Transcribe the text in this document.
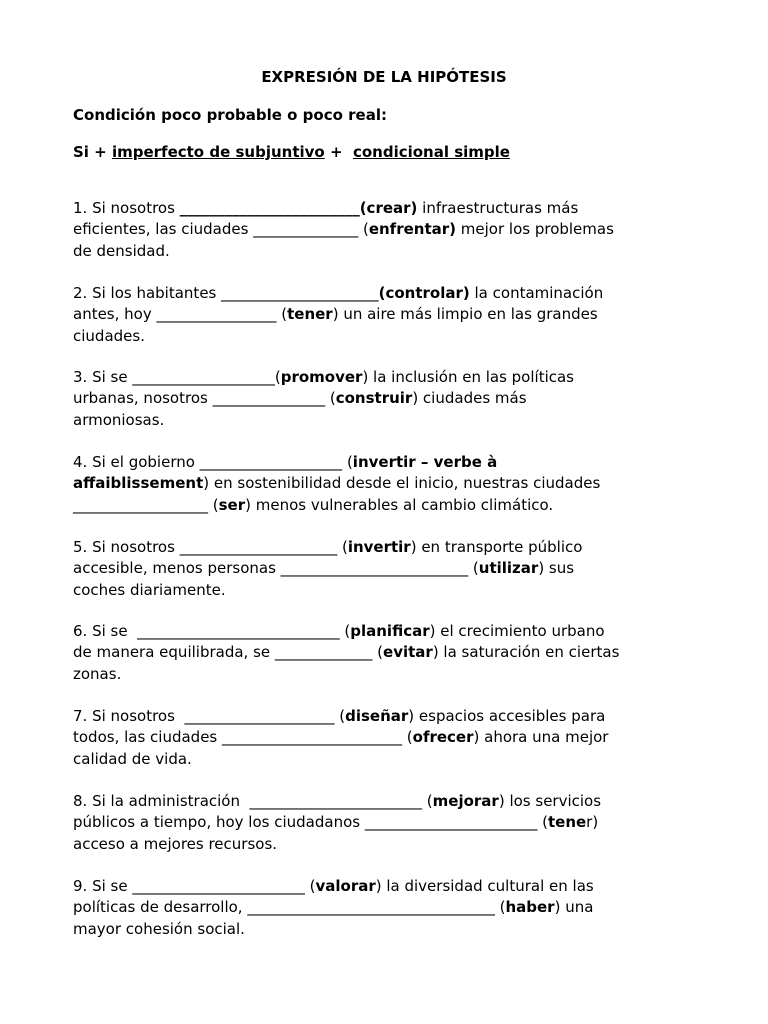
EXPRESIÓN DE LA HIPÓTESIS

Condición poco probable o poco real:

Si + imperfecto de subjuntivo +  condicional simple

1. Si nosotros ________________________(crear) infraestructuras más
eficientes, las ciudades ______________ (enfrentar) mejor los problemas
de densidad.

2. Si los habitantes _____________________(controlar) la contaminación
antes, hoy ________________ (tener) un aire más limpio en las grandes
ciudades.

3. Si se ___________________(promover) la inclusión en las políticas
urbanas, nosotros _______________ (construir) ciudades más
armoniosas.

4. Si el gobierno ___________________ (invertir – verbe à
affaiblissement) en sostenibilidad desde el inicio, nuestras ciudades
__________________ (ser) menos vulnerables al cambio climático.

5. Si nosotros _____________________ (invertir) en transporte público
accesible, menos personas _________________________ (utilizar) sus
coches diariamente.

6. Si se  ___________________________ (planificar) el crecimiento urbano
de manera equilibrada, se _____________ (evitar) la saturación en ciertas
zonas.

7. Si nosotros  ____________________ (diseñar) espacios accesibles para
todos, las ciudades ________________________ (ofrecer) ahora una mejor
calidad de vida.

8. Si la administración  _______________________ (mejorar) los servicios
públicos a tiempo, hoy los ciudadanos _______________________ (tener)
acceso a mejores recursos.

9. Si se _______________________ (valorar) la diversidad cultural en las
políticas de desarrollo, _________________________________ (haber) una
mayor cohesión social.
